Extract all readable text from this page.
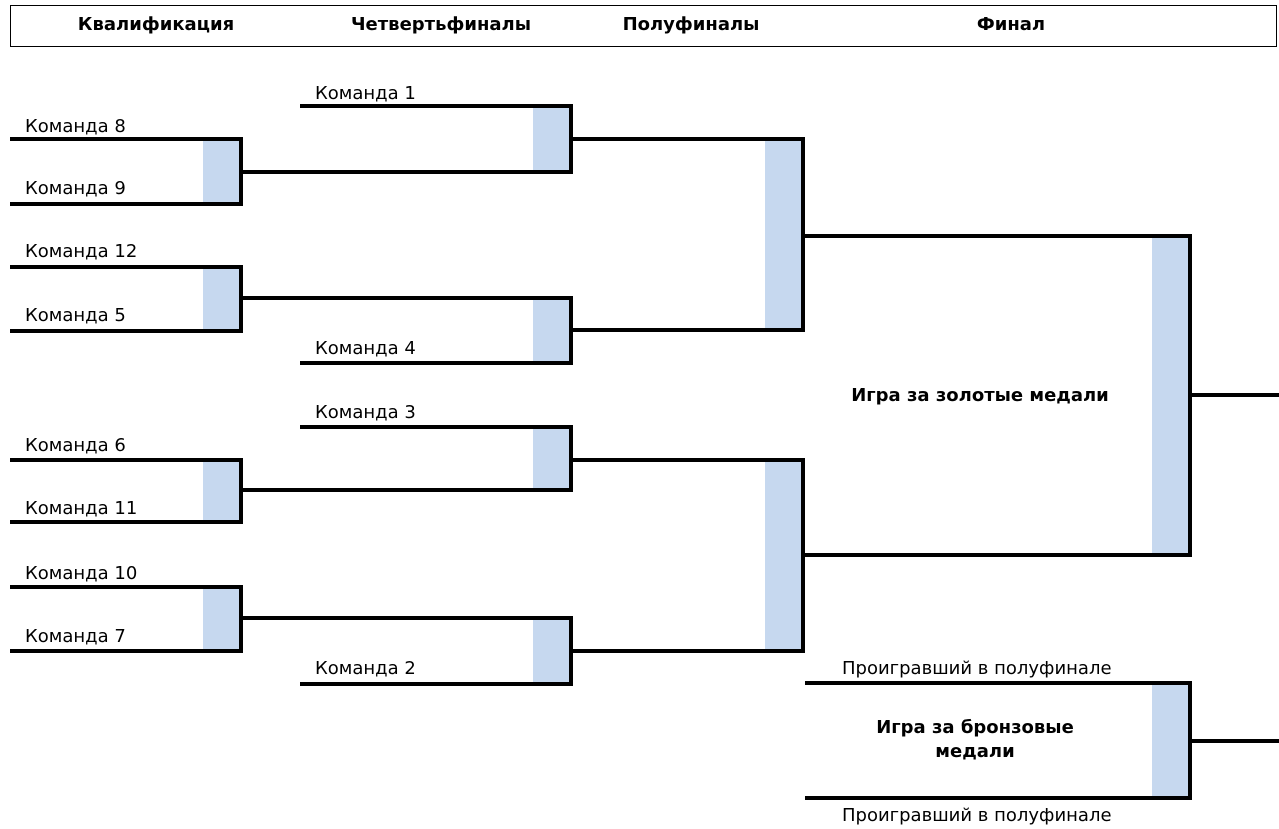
Квалификация	Четвертьфиналы	Полуфиналы	Финал
Команда 8
Команда 9
Команда 12
Команда 5
Команда 6
Команда 11
Команда 10
Команда 7
Команда 1
Команда 4
Команда 3
Команда 2
Игра за золотые медали
Проигравший в полуфинале
Проигравший в полуфинале
Игра за бронзовые медали
